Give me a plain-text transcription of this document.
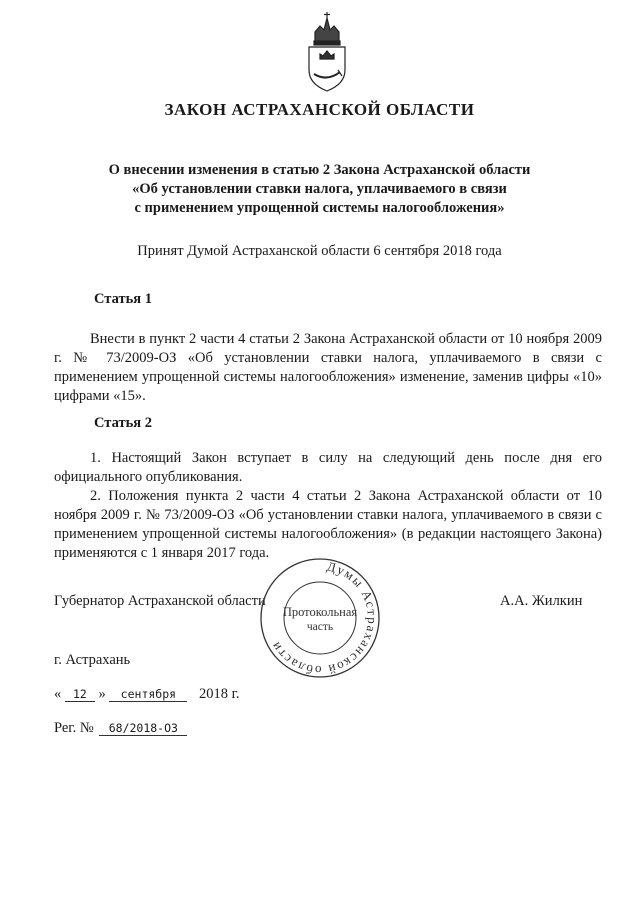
ЗАКОН АСТРАХАНСКОЙ ОБЛАСТИ
О внесении изменения в статью 2 Закона Астраханской области
«Об установлении ставки налога, уплачиваемого в связи
с применением упрощенной системы налогообложения»
Принят Думой Астраханской области 6 сентября 2018 года
Статья 1
Внести в пункт 2 части 4 статьи 2 Закона Астраханской области от 10 ноября 2009 г. № 73/2009-ОЗ «Об установлении ставки налога, уплачиваемого в связи с применением упрощенной системы налогообложения» изменение, заменив цифры «10» цифрами «15».
Статья 2
1. Настоящий Закон вступает в силу на следующий день после дня его официального опубликования.
2. Положения пункта 2 части 4 статьи 2 Закона Астраханской области от 10 ноября 2009 г. № 73/2009-ОЗ «Об установлении ставки налога, уплачиваемого в связи с применением упрощенной системы налогообложения» (в редакции настоящего Закона) применяются с 1 января 2017 года.
Губернатор Астраханской области	А.А. Жилкин
Думы Астраханской области
Протокольная
часть
г. Астрахань
« 12 » сентября 2018 г.
Рег. № 68/2018-ОЗ
